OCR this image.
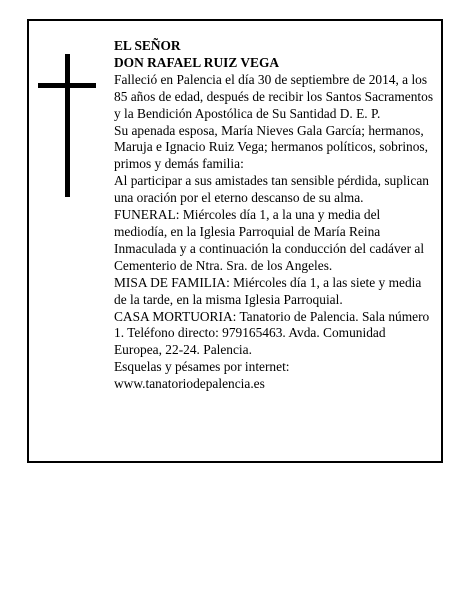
EL SEÑOR

DON RAFAEL RUIZ VEGA

Falleció en Palencia el día 30 de septiembre de 2014, a los 85 años de edad, después de recibir los Santos Sacramentos y la Bendición Apostólica de Su Santidad D. E. P.

Su apenada esposa, María Nieves Gala García; hermanos, Maruja e Ignacio Ruiz Vega; hermanos políticos, sobrinos, primos y demás familia:

Al participar a sus amistades tan sensible pérdida, suplican una oración por el eterno descanso de su alma.

FUNERAL: Miércoles día 1, a la una y media del mediodía, en la Iglesia Parroquial de María Reina Inmaculada y a continuación la conducción del cadáver al Cementerio de Ntra. Sra. de los Angeles.

MISA DE FAMILIA: Miércoles día 1, a las siete y media de la tarde, en la misma Iglesia Parroquial.

CASA MORTUORIA: Tanatorio de Palencia. Sala número 1. Teléfono directo: 979165463. Avda. Comunidad Europea, 22-24. Palencia.

Esquelas y pésames por internet: www.tanatoriodepalencia.es
